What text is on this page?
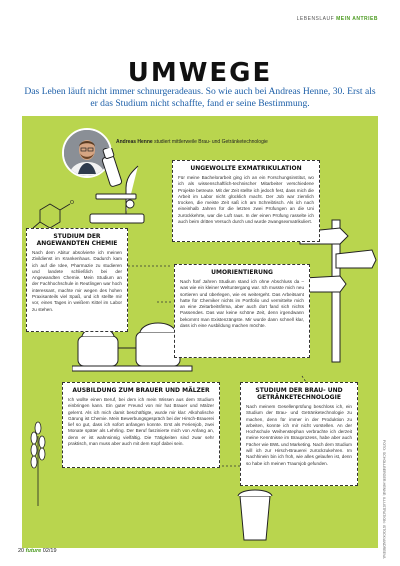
LEBENSLAUF MEIN ANTRIEB
UMWEGE
Das Leben läuft nicht immer schnurgeradeaus. So wie auch bei Andreas Henne, 30. Erst als er das Studium nicht schaffte, fand er seine Bestimmung.
Andreas Henne studiert mittlerweile Brau- und Getränketechnologie
O
UNGEWOLLTE EXMATRIKULATION

Für meine Bachelorarbeit ging ich an ein Forschungsinstitut, wo ich als wissenschaftlich-technischer Mitarbeiter verschiedene Projekte betreute. Mit der Zeit stellte ich jedoch fest, dass mich die Arbeit im Labor nicht glücklich macht. Der Job war ziemlich trocken, die meiste Zeit saß ich am Schreibtisch. Als ich nach eineinhalb Jahren für die letzten zwei Prüfungen an die Uni zurückkehrte, war die Luft raus. In der einen Prüfung rasselte ich auch beim dritten Versuch durch und wurde zwangsexmatrikuliert.

STUDIUM DER ANGEWANDTEN CHEMIE

Nach dem Abitur absolvierte ich meinen Zivildienst im Krankenhaus. Dadurch kam ich auf die Idee, Pharmazie zu studieren und landete schließlich bei der Angewandten Chemie. Mein Studium an der Fachhochschule in Reutlingen war hoch interessant, machte mir wegen des hohen Praxisanteils viel Spaß, und ich stellte mir vor, eines Tages in weißem Kittel im Labor zu stehen.

UMORIENTIERUNG

Nach fünf Jahren Studium stand ich ohne Abschluss da – was wie ein kleiner Weltuntergang war. Ich musste mich neu sortieren und überlegen, wie es weitergeht. Das Arbeitsamt hatte für Chemiker nichts im Portfolio und vermittelte mich an eine Zeitarbeitsfirma, aber auch dort fand sich nichts Passendes. Das war keine schöne Zeit, denn irgendwann bekommt man Existenzängste. Mir wurde dann schnell klar, dass ich eine Ausbildung machen möchte.

AUSBILDUNG ZUM BRAUER UND MÄLZER

Ich wollte einen Beruf, bei dem ich mein Wissen aus dem Studium einbringen kann. Ein guter Freund von mir hat Brauer und Mälzer gelernt. Als ich mich damit beschäftigte, wurde mir klar: Alkoholische Gärung ist Chemie. Mein Bewerbungsgespräch bei der Hirsch-Brauerei lief so gut, dass ich sofort anfangen konnte. Erst als Ferienjob, zwei Monate später als Lehrling. Der Beruf faszinierte mich von Anfang an, denn er ist wahnsinnig vielfältig. Die Tätigkeiten sind zwar sehr praktisch, man muss aber auch mit dem Kopf dabei sein.

STUDIUM DER BRAU- UND GETRÄNKETECHNOLOGIE

Nach meinem Gesellenprüfung beschloss ich, ein Studium der Brau- und Getränketechnologie zu machen, denn für immer in der Produktion zu arbeiten, konnte ich mir nicht vorstellen. An der Hochschule Weihenstephan verbrachte ich derzeit meine Kenntnisse im Brauprozess, habe aber auch Fächer wie BWL und Marketing. Nach dem Studium will ich zur Hirsch-Brauerei zurückzukehren. Im Nachhinein bin ich froh, wie alles gelaufen ist, denn so habe ich meinen Traumjob gefunden.

20 future 02/19	FOTO: SCHOLLBERGER-HENNE; ILLUSTRATION: ISTOCK/ANDREEVA
